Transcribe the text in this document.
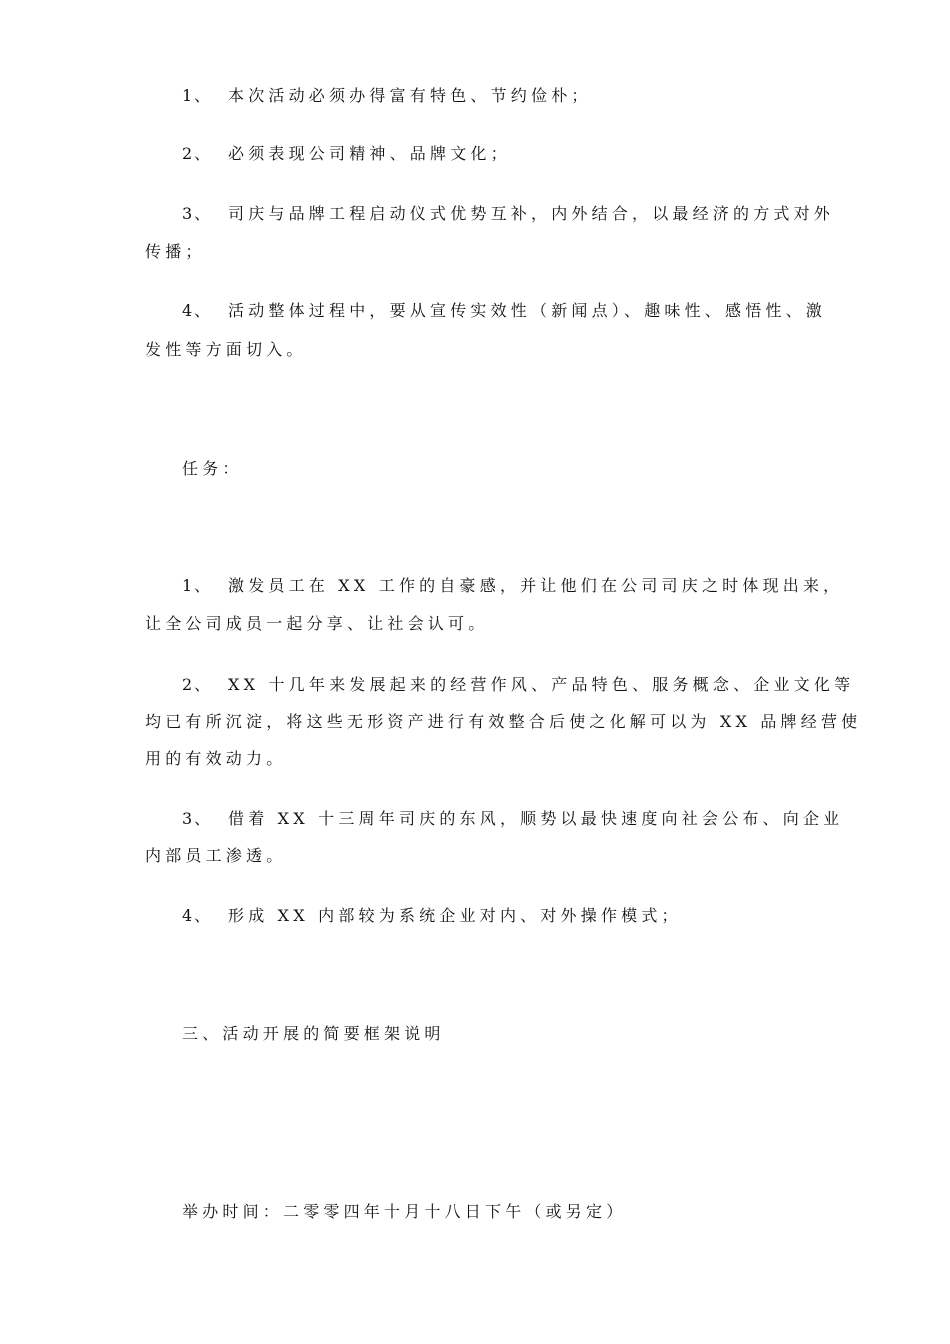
1、 本次活动必须办得富有特色、节约俭朴；
2、 必须表现公司精神、品牌文化；
3、 司庆与品牌工程启动仪式优势互补，内外结合，以最经济的方式对外
传播；
4、 活动整体过程中，要从宣传实效性（新闻点）、趣味性、感悟性、激
发性等方面切入。
任务：
1、 激发员工在 XX 工作的自豪感，并让他们在公司司庆之时体现出来，
让全公司成员一起分享、让社会认可。
2、 XX 十几年来发展起来的经营作风、产品特色、服务概念、企业文化等
均已有所沉淀，将这些无形资产进行有效整合后使之化解可以为 XX 品牌经营使
用的有效动力。
3、 借着 XX 十三周年司庆的东风，顺势以最快速度向社会公布、向企业
内部员工渗透。
4、 形成 XX 内部较为系统企业对内、对外操作模式；
三、活动开展的简要框架说明
举办时间：二零零四年十月十八日下午（或另定）
